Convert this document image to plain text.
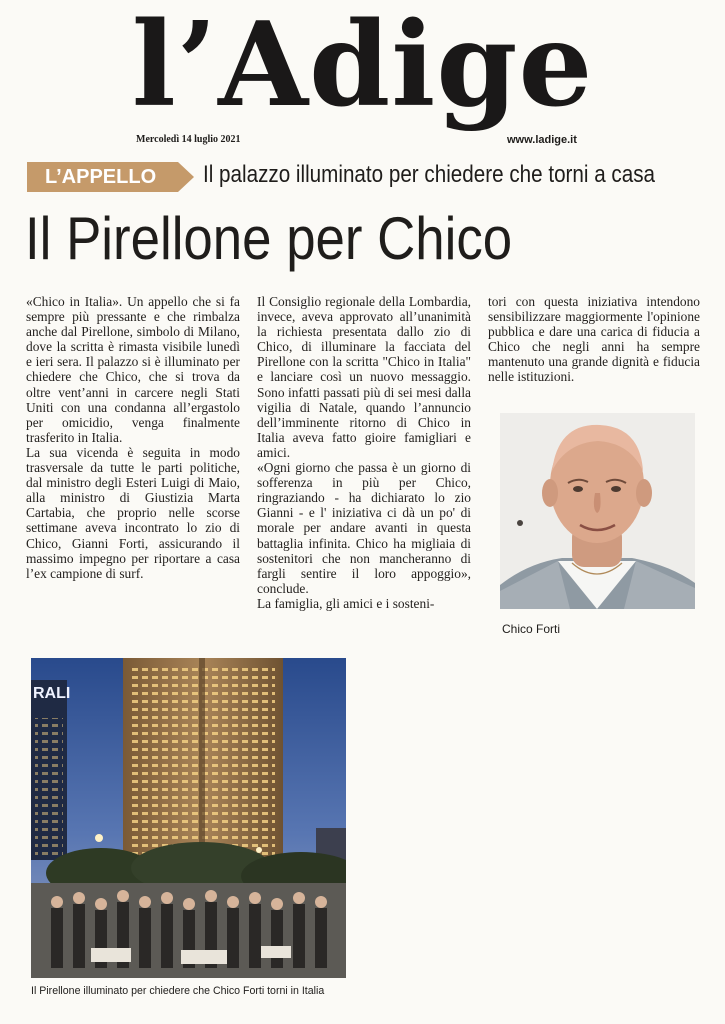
l’Adige
Mercoledì 14 luglio 2021	www.ladige.it
L’APPELLO	Il palazzo illuminato per chiedere che torni a casa
Il Pirellone per Chico

«Chico in Italia». Un appello che si fa sempre più pressante e che rimbalza anche dal Pirellone, simbolo di Milano, dove la scritta è rimasta visibile lunedì e ieri sera. Il palazzo si è illuminato per chiedere che Chico, che si trova da oltre vent’anni in carcere negli Stati Uniti con una condanna all’ergastolo per omicidio, venga finalmente trasferito in Italia.

La sua vicenda è seguita in modo trasversale da tutte le parti politiche, dal ministro degli Esteri Luigi di Maio, alla ministro di Giustizia Marta Cartabia, che proprio nelle scorse settimane aveva incontrato lo zio di Chico, Gianni Forti, assicurando il massimo impegno per riportare a casa l’ex campione di surf.

Il Consiglio regionale della Lombardia, invece, aveva approvato all’unanimità la richiesta presentata dallo zio di Chico, di illuminare la facciata del Pirellone con la scritta "Chico in Italia" e lanciare così un nuovo messaggio. Sono infatti passati più di sei mesi dalla vigilia di Natale, quando l’annuncio dell’imminente ritorno di Chico in Italia aveva fatto gioire famigliari e amici.

«Ogni giorno che passa è un giorno di sofferenza in più per Chico, ringraziando - ha dichiarato lo zio Gianni - e l' iniziativa ci dà un po' di morale per andare avanti in questa battaglia infinita. Chico ha migliaia di sostenitori che non mancheranno di fargli sentire il loro appoggio», conclude.

La famiglia, gli amici e i sosteni-

tori con questa iniziativa intendono sensibilizzare maggiormente l'opinione pubblica e dare una carica di fiducia a Chico che negli anni ha sempre mantenuto una grande dignità e fiducia nelle istituzioni.

Chico Forti
RALI
Il Pirellone illuminato per chiedere che Chico Forti torni in Italia
